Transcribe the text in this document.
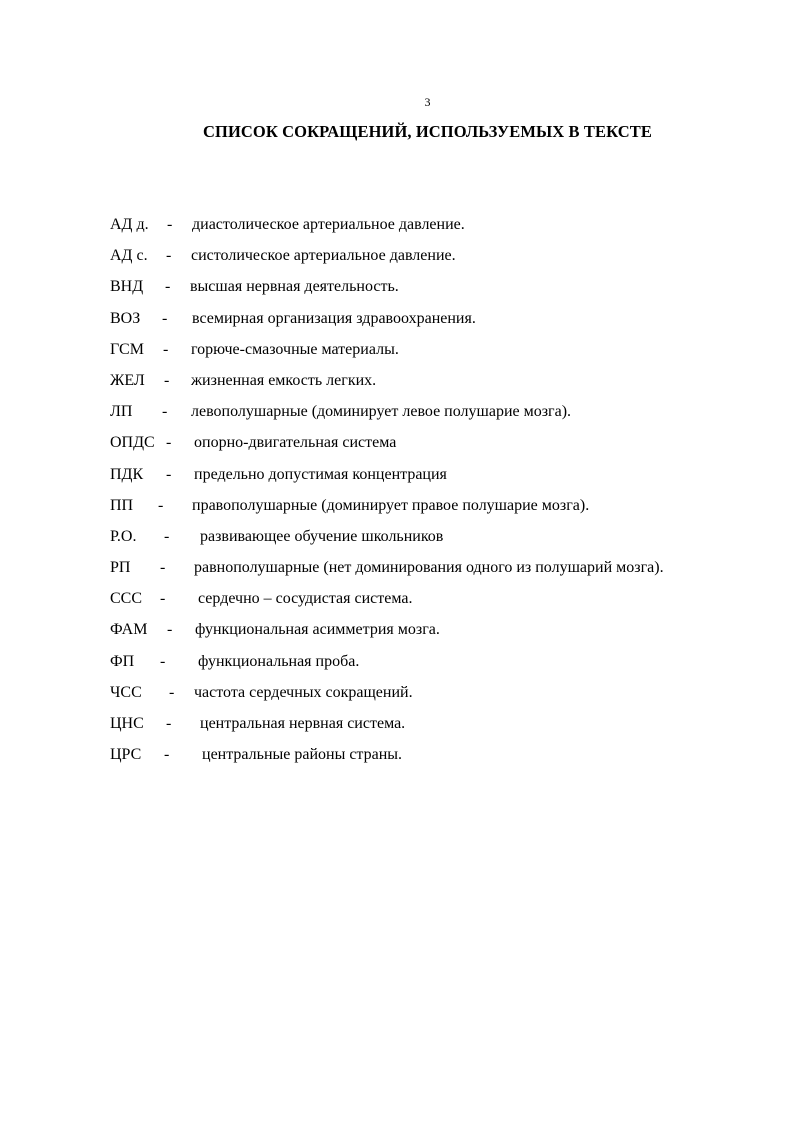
3
СПИСОК СОКРАЩЕНИЙ, ИСПОЛЬЗУЕМЫХ В ТЕКСТЕ
АД д. - диастолическое артериальное давление.
АД с. - систолическое артериальное давление.
ВНД - высшая нервная деятельность.
ВОЗ - всемирная организация здравоохранения.
ГСМ - горюче-смазочные материалы.
ЖЕЛ - жизненная емкость легких.
ЛП - левополушарные (доминирует левое полушарие мозга).
ОПДС - опорно-двигательная система
ПДК - предельно допустимая концентрация
ПП - правополушарные (доминирует правое полушарие мозга).
Р.О. - развивающее обучение школьников
РП - равнополушарные (нет доминирования одного из полушарий мозга).
ССС - сердечно – сосудистая система.
ФАМ - функциональная асимметрия мозга.
ФП - функциональная проба.
ЧСС - частота сердечных сокращений.
ЦНС - центральная нервная система.
ЦРС - центральные районы страны.
